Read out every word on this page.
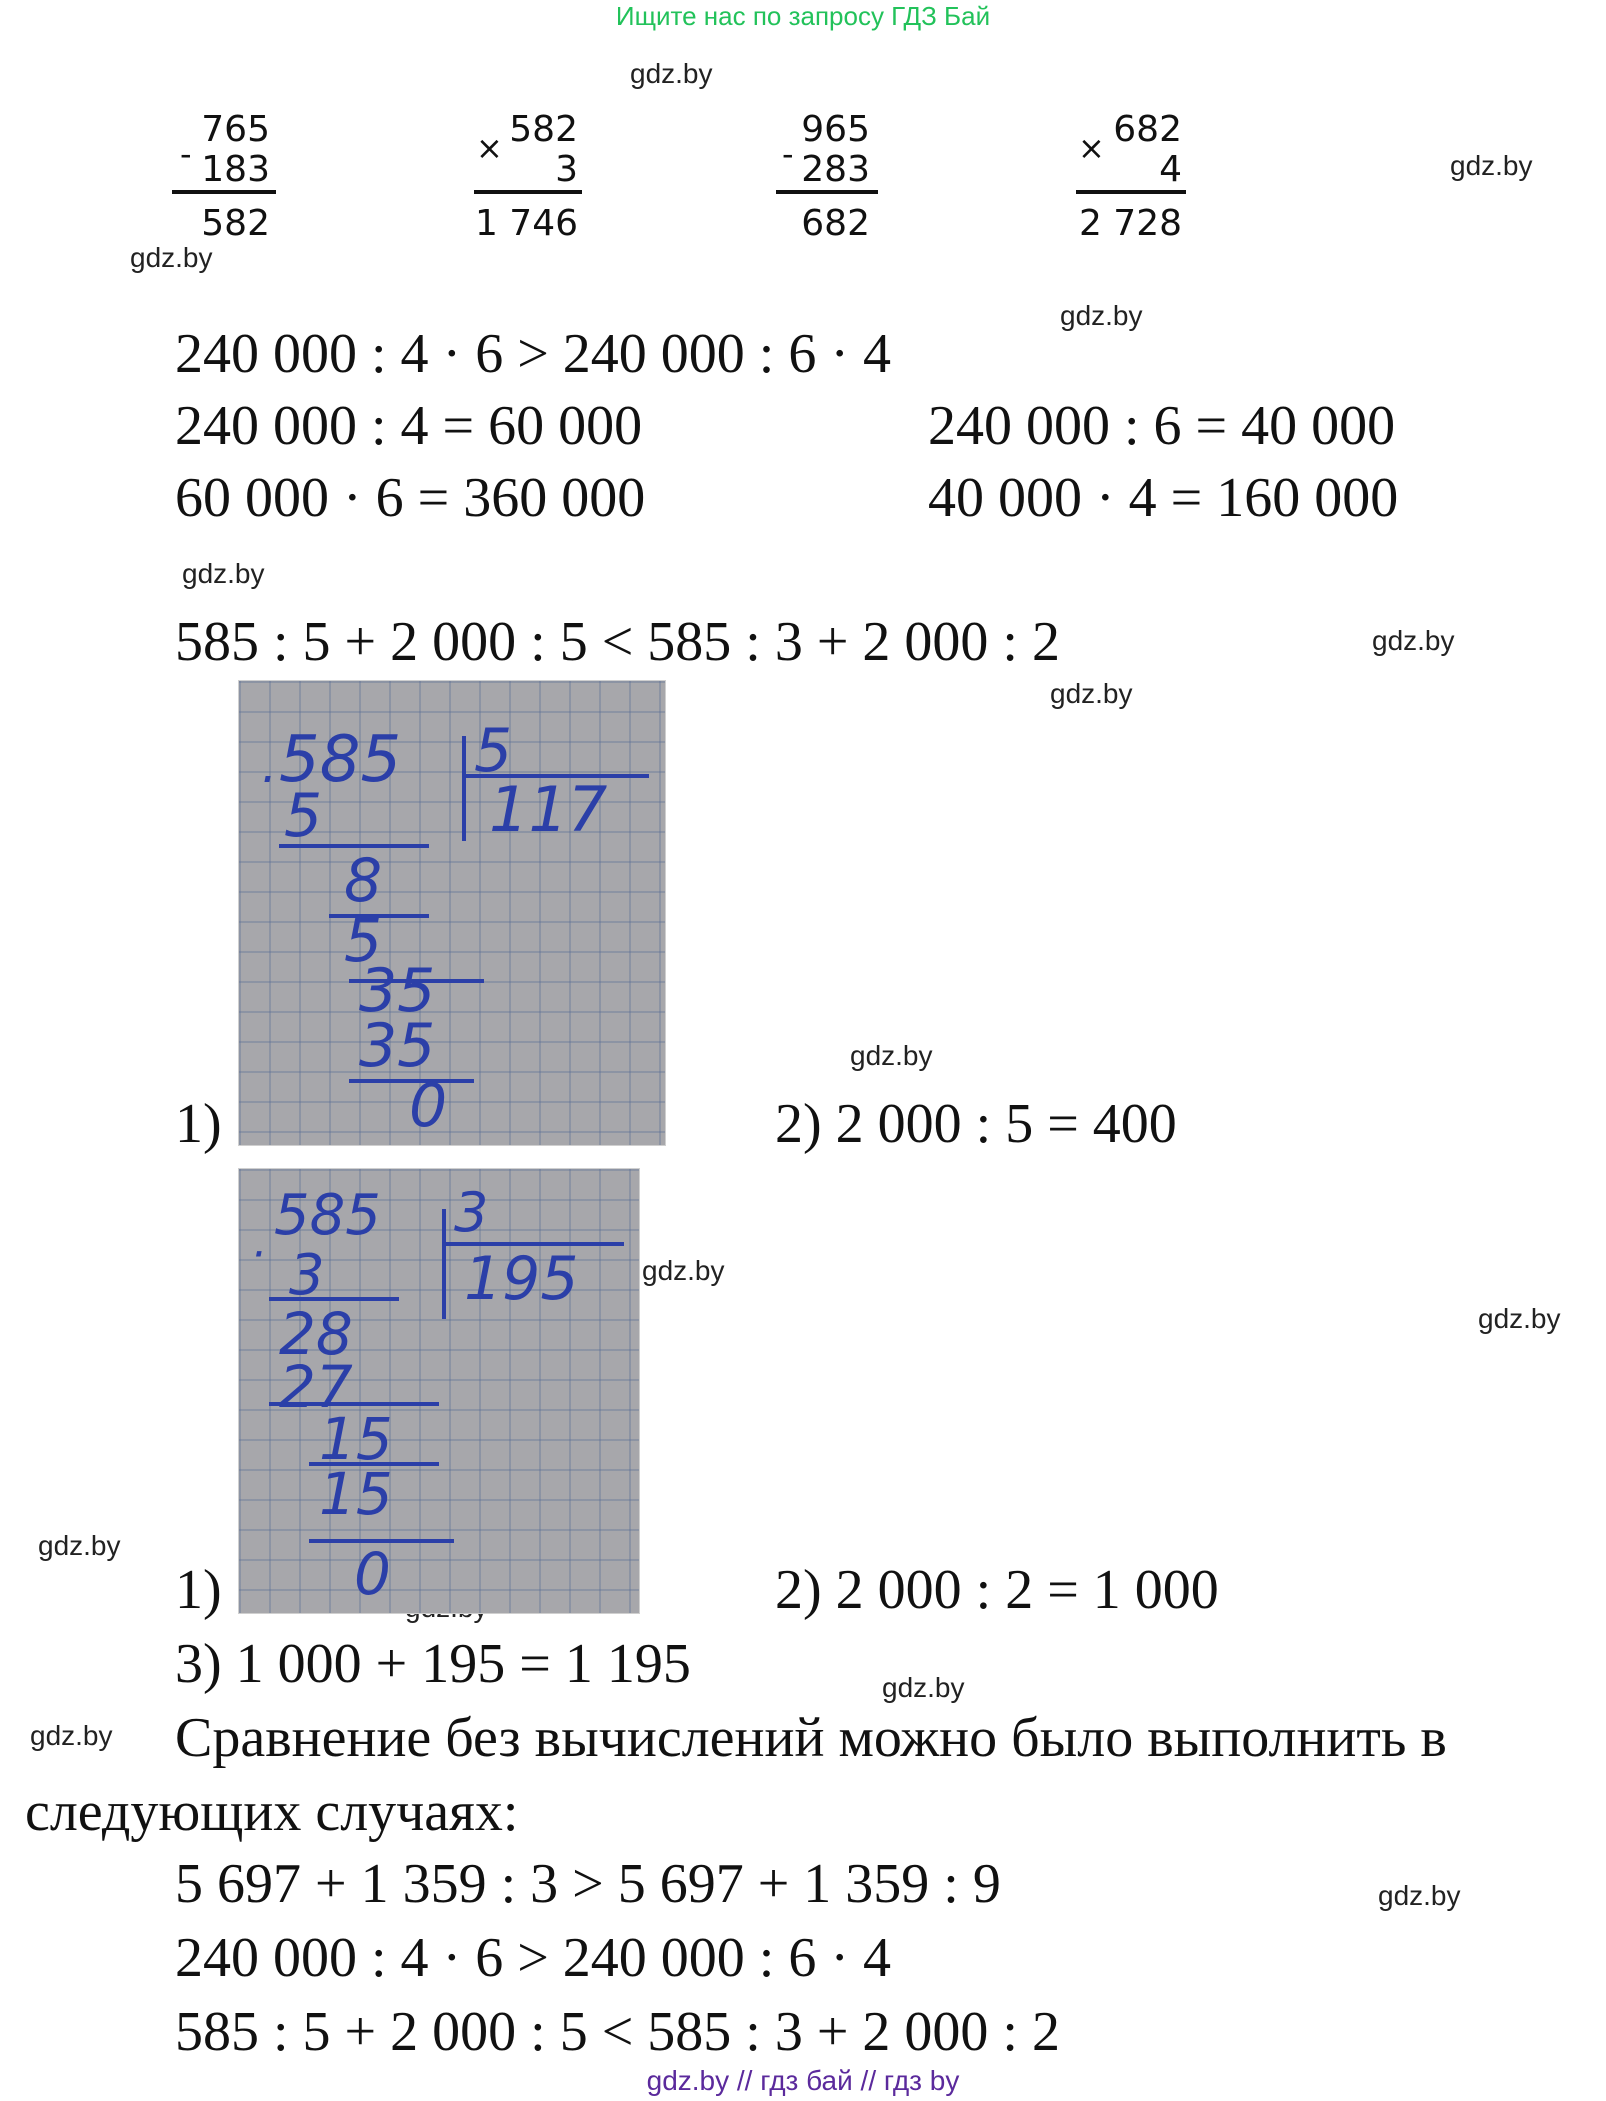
Ищите нас по запросу ГДЗ Бай
gdz.by
gdz.by
gdz.by
gdz.by
gdz.by
gdz.by
gdz.by
gdz.by
gdz.by
gdz.by
gdz.by
gdz.by
gdz.by
gdz.by
-
765
183
582
× 582
3
1 746
-
965
283
682
× 682
4
2 728
240 000 : 4 · 6 > 240 000 : 6 · 4
240 000 : 4 = 60 000	240 000 : 6 = 40 000
60 000 · 6 = 360 000	40 000 · 4 = 160 000
585 : 5 + 2 000 : 5 < 585 : 3 + 2 000 : 2
1)
585 5
117
·
5
8
5
35
35
0	2) 2 000 : 5 = 400
1)
585 3
195
· 3
28
27
15
15
0	2) 2 000 : 2 = 1 000
3) 1 000 + 195 = 1 195
Сравнение без вычислений можно было выполнить в
следующих случаях:
5 697 + 1 359 : 3 > 5 697 + 1 359 : 9
240 000 : 4 · 6 > 240 000 : 6 · 4
585 : 5 + 2 000 : 5 < 585 : 3 + 2 000 : 2
gdz.by // гдз бай // гдз by
